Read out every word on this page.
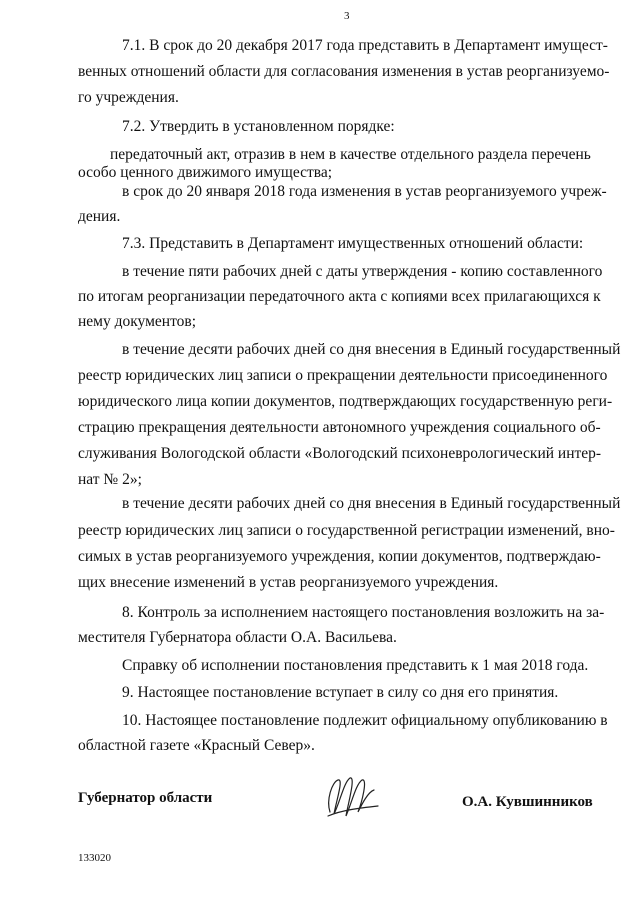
3
7.1. В срок до 20 декабря 2017 года представить в Департамент имущест-
венных отношений области для согласования изменения в устав реорганизуемо-
го учреждения.
7.2. Утвердить в установленном порядке:
передаточный акт, отразив в нем в качестве отдельного раздела перечень
особо ценного движимого имущества;
в срок до 20 января 2018 года изменения в устав реорганизуемого учреж-
дения.
7.3. Представить в Департамент имущественных отношений области:
в течение пяти рабочих дней с даты утверждения - копию составленного
по итогам реорганизации передаточного акта с копиями всех прилагающихся к
нему документов;
в течение десяти рабочих дней со дня внесения в Единый государственный
реестр юридических лиц записи о прекращении деятельности присоединенного
юридического лица копии документов, подтверждающих государственную реги-
страцию прекращения деятельности автономного учреждения социального об-
служивания Вологодской области «Вологодский психоневрологический интер-
нат № 2»;
в течение десяти рабочих дней со дня внесения в Единый государственный
реестр юридических лиц записи о государственной регистрации изменений, вно-
симых в устав реорганизуемого учреждения, копии документов, подтверждаю-
щих внесение изменений в устав реорганизуемого учреждения.
8. Контроль за исполнением настоящего постановления возложить на за-
местителя Губернатора области О.А. Васильева.
Справку об исполнении постановления представить к 1 мая 2018 года.
9. Настоящее постановление вступает в силу со дня его принятия.
10. Настоящее постановление подлежит официальному опубликованию в
областной газете «Красный Север».
Губернатор области	О.А. Кувшинников
133020
